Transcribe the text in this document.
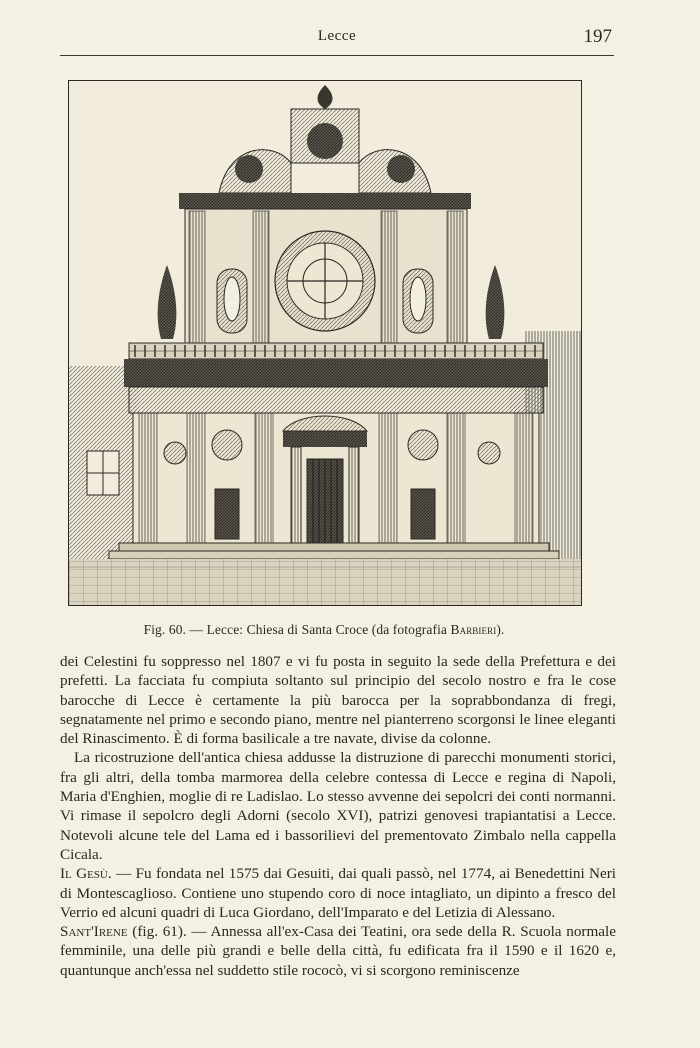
Lecce	197
Fig. 60. — Lecce: Chiesa di Santa Croce (da fotografia Barbieri).

dei Celestini fu soppresso nel 1807 e vi fu posta in seguito la sede della Prefettura e dei prefetti. La facciata fu compiuta soltanto sul principio del secolo nostro e fra le cose barocche di Lecce è certamente la più barocca per la soprabbondanza di fregi, segnatamente nel primo e secondo piano, mentre nel pianterreno scorgonsi le linee eleganti del Rinascimento. È di forma basilicale a tre navate, divise da colonne.

La ricostruzione dell'antica chiesa addusse la distruzione di parecchi monumenti storici, fra gli altri, della tomba marmorea della celebre contessa di Lecce e regina di Napoli, Maria d'Enghien, moglie di re Ladislao. Lo stesso avvenne dei sepolcri dei conti normanni. Vi rimase il sepolcro degli Adorni (secolo XVI), patrizi genovesi trapiantatisi a Lecce. Notevoli alcune tele del Lama ed i bassorilievi del prementovato Zimbalo nella cappella Cicala.

Il Gesù. — Fu fondata nel 1575 dai Gesuiti, dai quali passò, nel 1774, ai Benedettini Neri di Montescaglioso. Contiene uno stupendo coro di noce intagliato, un dipinto a fresco del Verrio ed alcuni quadri di Luca Giordano, dell'Imparato e del Letizia di Alessano.

Sant'Irene (fig. 61). — Annessa all'ex-Casa dei Teatini, ora sede della R. Scuola normale femminile, una delle più grandi e belle della città, fu edificata fra il 1590 e il 1620 e, quantunque anch'essa nel suddetto stile rococò, vi si scorgono reminiscenze
